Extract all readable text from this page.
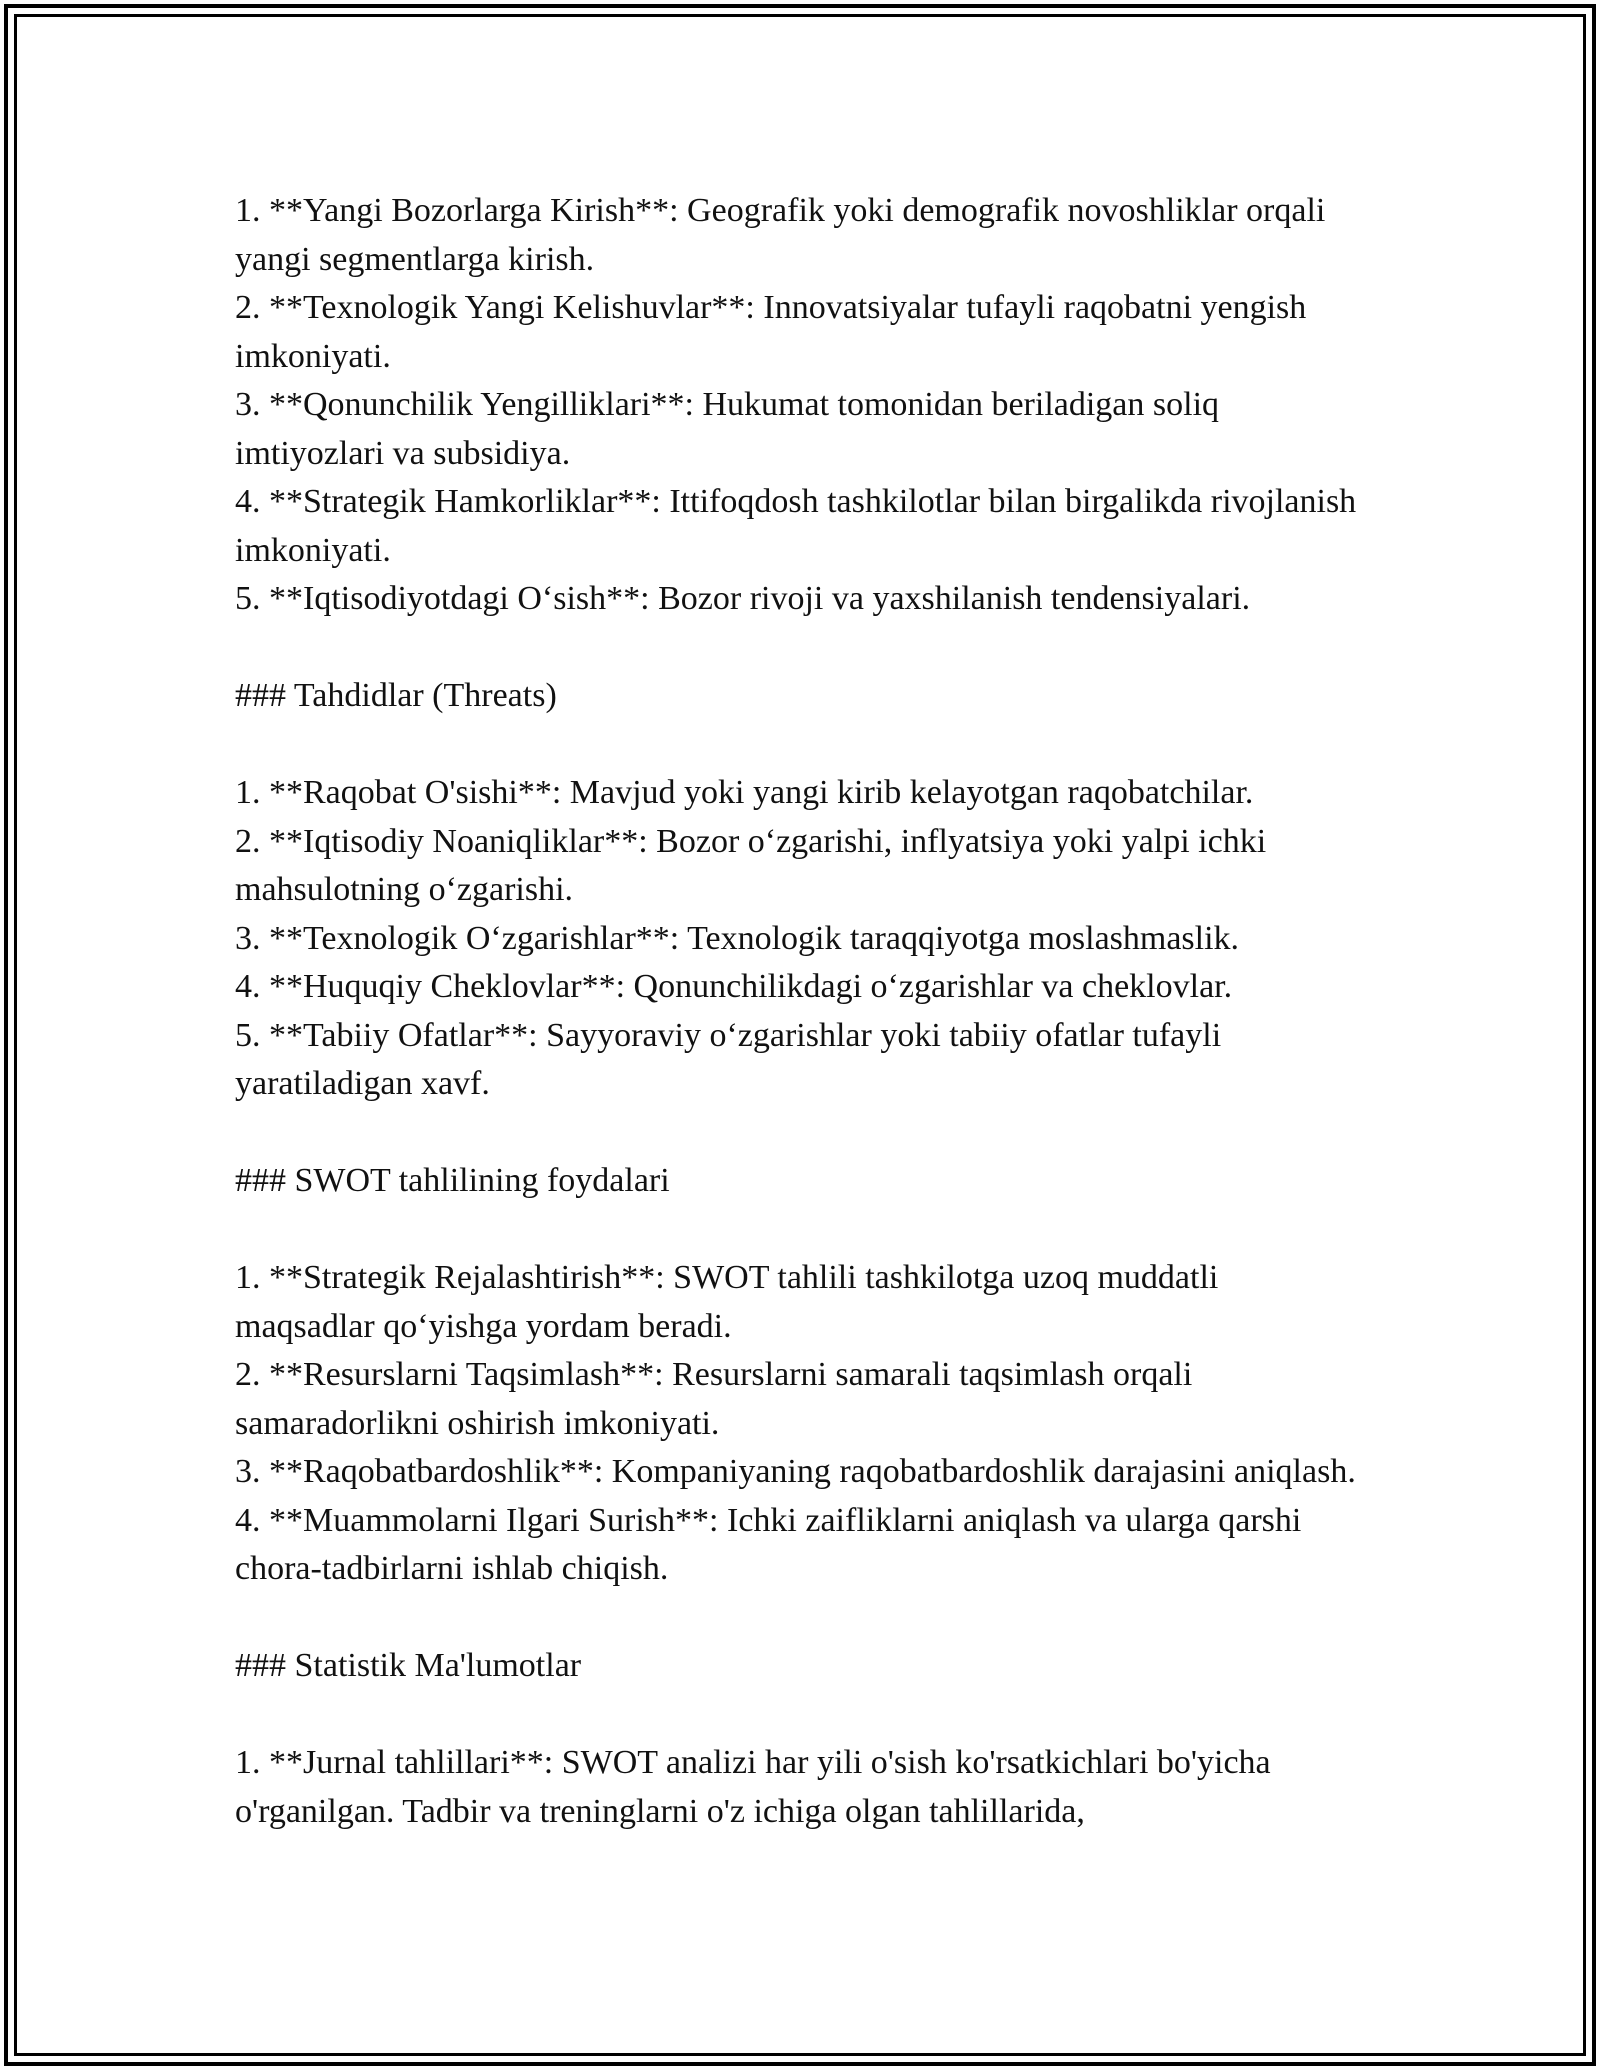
1. **Yangi Bozorlarga Kirish**: Geografik yoki demografik novoshliklar orqali yangi segmentlarga kirish.

2. **Texnologik Yangi Kelishuvlar**: Innovatsiyalar tufayli raqobatni yengish imkoniyati.

3. **Qonunchilik Yengilliklari**: Hukumat tomonidan beriladigan soliq imtiyozlari va subsidiya.

4. **Strategik Hamkorliklar**: Ittifoqdosh tashkilotlar bilan birgalikda rivojlanish imkoniyati.

5. **Iqtisodiyotdagi O‘sish**: Bozor rivoji va yaxshilanish tendensiyalari.

### Tahdidlar (Threats)

1. **Raqobat O'sishi**: Mavjud yoki yangi kirib kelayotgan raqobatchilar.

2. **Iqtisodiy Noaniqliklar**: Bozor o‘zgarishi, inflyatsiya yoki yalpi ichki mahsulotning o‘zgarishi.

3. **Texnologik O‘zgarishlar**: Texnologik taraqqiyotga moslashmaslik.

4. **Huquqiy Cheklovlar**: Qonunchilikdagi o‘zgarishlar va cheklovlar.

5. **Tabiiy Ofatlar**: Sayyoraviy o‘zgarishlar yoki tabiiy ofatlar tufayli yaratiladigan xavf.

### SWOT tahlilining foydalari

1. **Strategik Rejalashtirish**: SWOT tahlili tashkilotga uzoq muddatli maqsadlar qo‘yishga yordam beradi.

2. **Resurslarni Taqsimlash**: Resurslarni samarali taqsimlash orqali samaradorlikni oshirish imkoniyati.

3. **Raqobatbardoshlik**: Kompaniyaning raqobatbardoshlik darajasini aniqlash.

4. **Muammolarni Ilgari Surish**: Ichki zaifliklarni aniqlash va ularga qarshi chora-tadbirlarni ishlab chiqish.

### Statistik Ma'lumotlar

1. **Jurnal tahlillari**: SWOT analizi har yili o'sish ko'rsatkichlari bo'yicha o'rganilgan. Tadbir va treninglarni o'z ichiga olgan tahlillarida,
